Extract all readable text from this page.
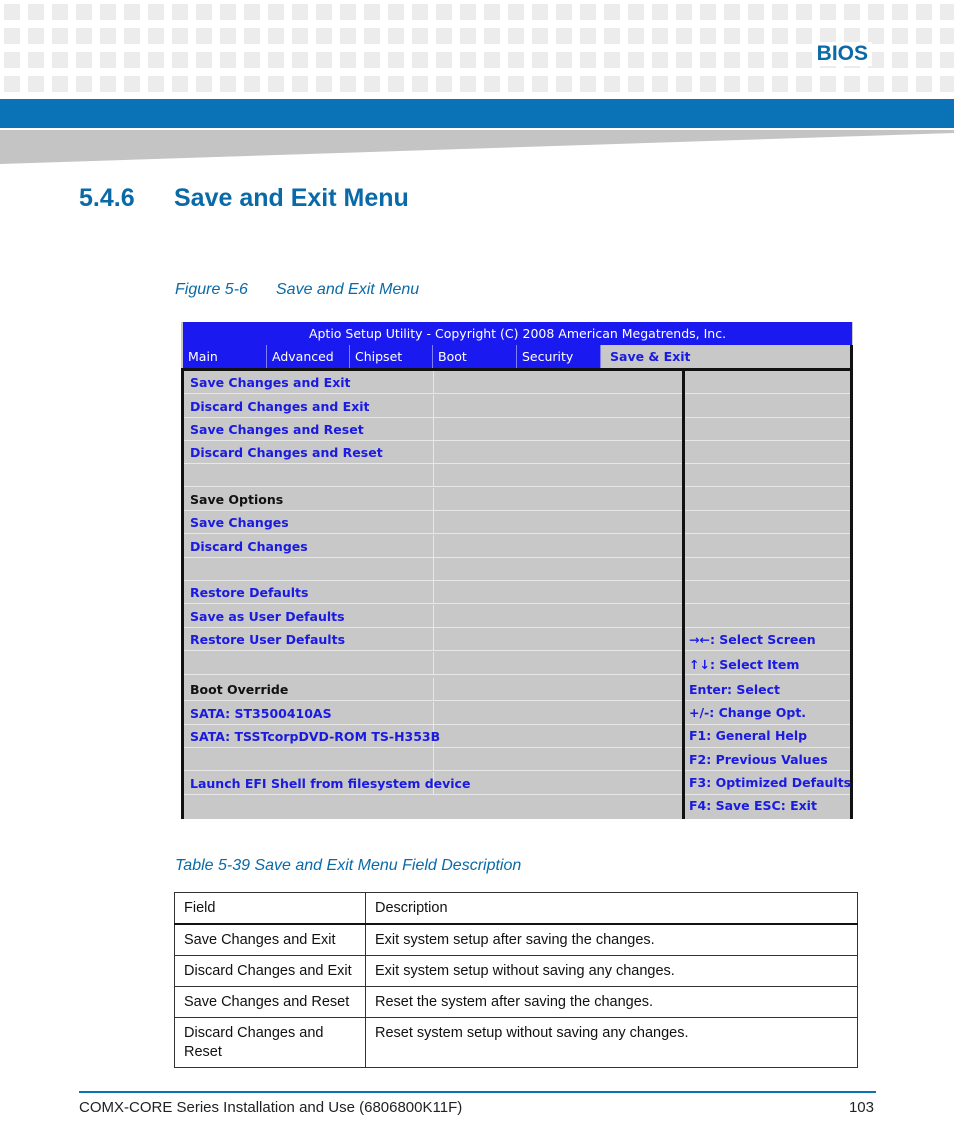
BIOS
5.4.6 Save and Exit Menu
Figure 5-6 Save and Exit Menu
Aptio Setup Utility - Copyright (C) 2008 American Megatrends, Inc.
Main	Advanced	Chipset	Boot	Security	Save & Exit
Save Changes and Exit
Discard Changes and Exit
Save Changes and Reset
Discard Changes and Reset
Save Options
Save Changes
Discard Changes
Restore Defaults
Save as User Defaults
Restore User Defaults
Boot Override
SATA: ST3500410AS
SATA: TSSTcorpDVD-ROM TS-H353B
Launch EFI Shell from filesystem device
→←: Select Screen
↑↓: Select Item
Enter: Select
+/-: Change Opt.
F1: General Help
F2: Previous Values
F3: Optimized Defaults
F4: Save ESC: Exit
Table 5-39 Save and Exit Menu Field Description
Field	Description
Save Changes and Exit	Exit system setup after saving the changes.
Discard Changes and Exit	Exit system setup without saving any changes.
Save Changes and Reset	Reset the system after saving the changes.
Discard Changes and Reset	Reset system setup without saving any changes.
COMX-CORE Series Installation and Use (6806800K11F)	103
